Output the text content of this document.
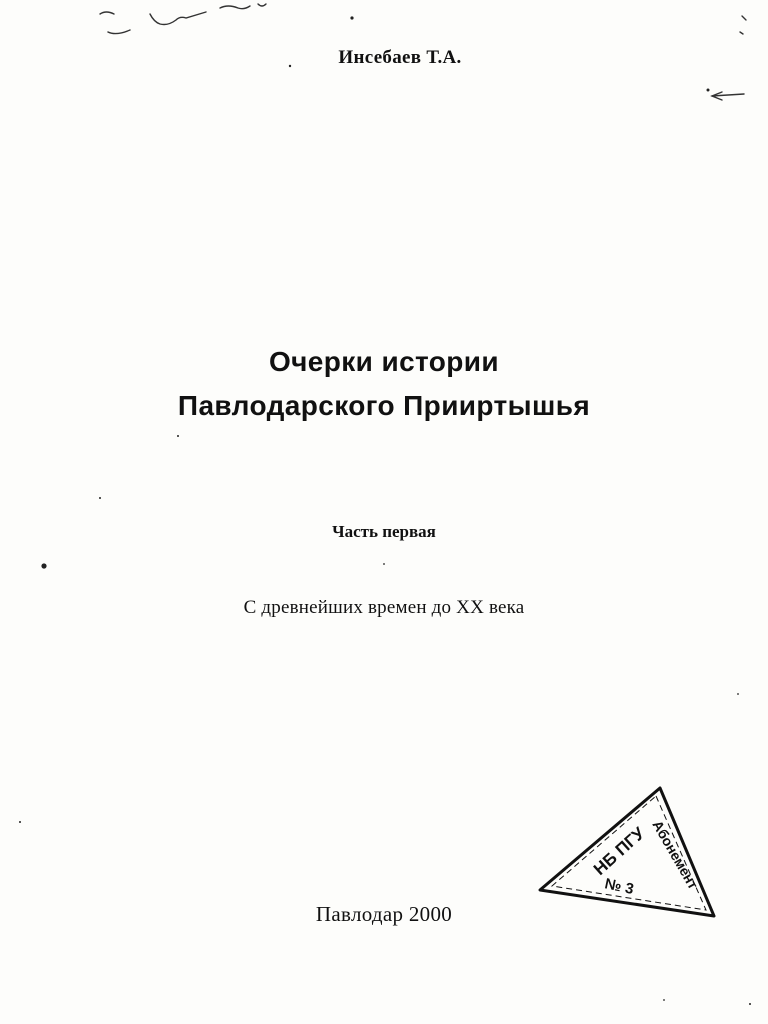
Инсебаев Т.А.
Очерки истории
Павлодарского Прииртышья
Часть первая
С древнейших времен до XX века
Павлодар 2000
НБ ПГУ Абонемент
№ 3
